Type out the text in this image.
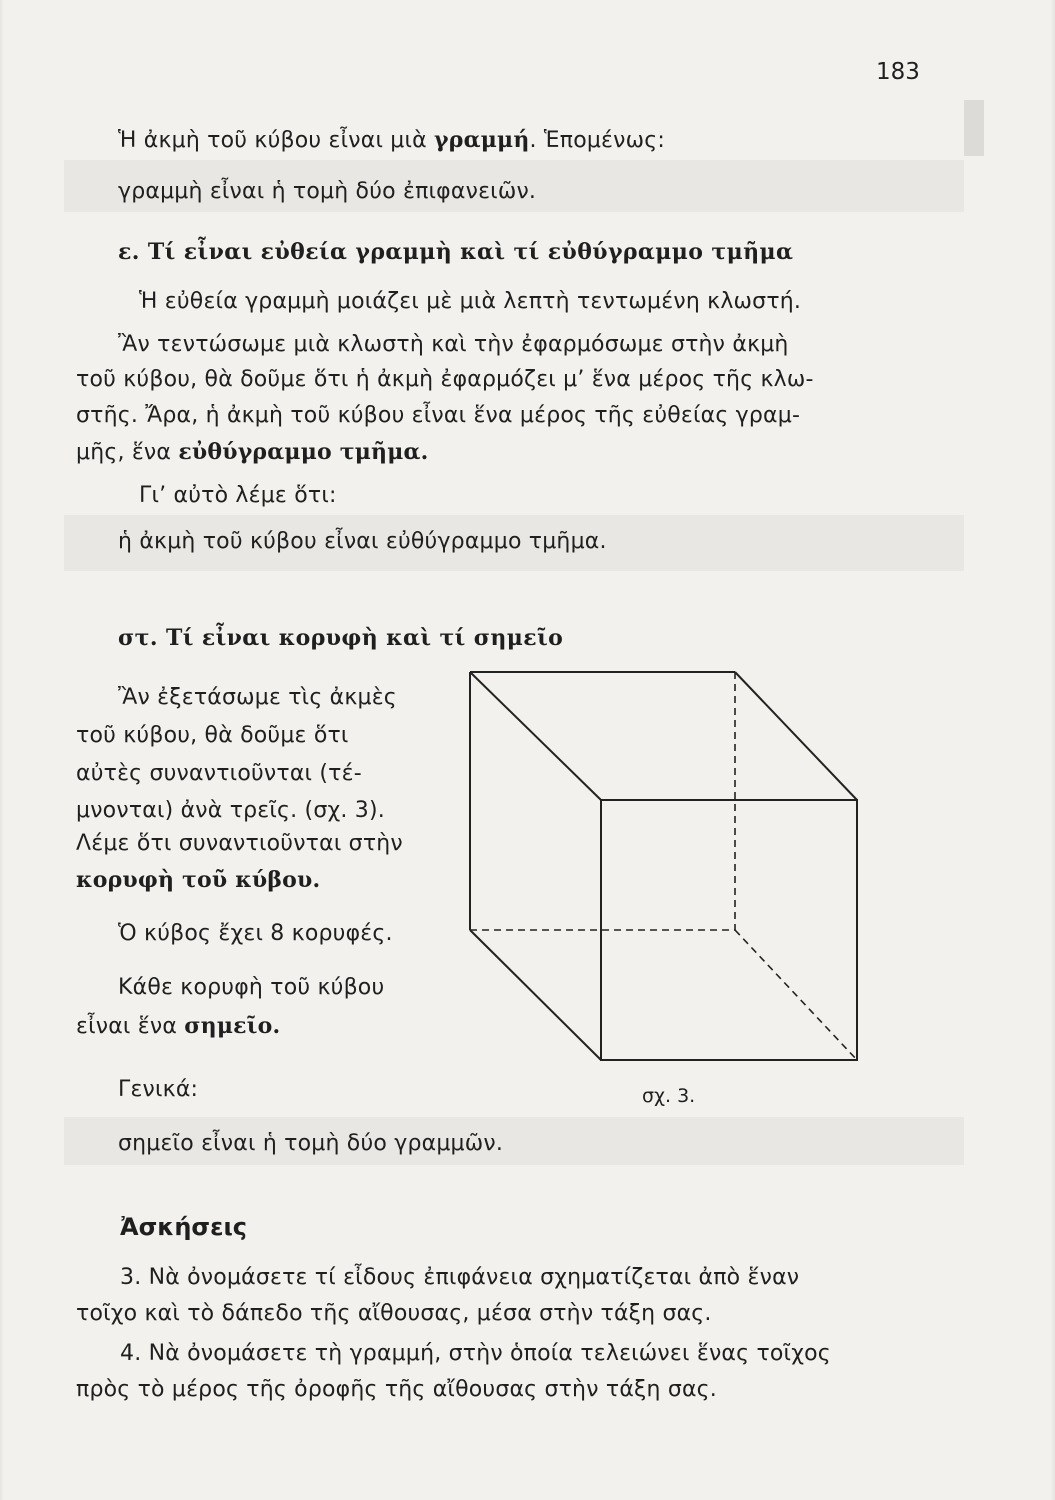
183
Ἡ ἀκμὴ τοῦ κύβου εἶναι μιὰ γραμμή. Ἑπομένως:
γραμμὴ εἶναι ἡ τομὴ δύο ἐπιφανειῶν.
ε. Τί εἶναι εὐθεία γραμμὴ καὶ τί εὐθύγραμμο τμῆμα
Ἡ εὐθεία γραμμὴ μοιάζει μὲ μιὰ λεπτὴ τεντωμένη κλωστή.
Ἂν τεντώσωμε μιὰ κλωστὴ καὶ τὴν ἐφαρμόσωμε στὴν ἀκμὴ
τοῦ κύβου, θὰ δοῦμε ὅτι ἡ ἀκμὴ ἐφαρμόζει μ’ ἕνα μέρος τῆς κλω-
στῆς. Ἄρα, ἡ ἀκμὴ τοῦ κύβου εἶναι ἕνα μέρος τῆς εὐθείας γραμ-
μῆς, ἕνα εὐθύγραμμο τμῆμα.
Γι’ αὐτὸ λέμε ὅτι:
ἡ ἀκμὴ τοῦ κύβου εἶναι εὐθύγραμμο τμῆμα.
στ. Τί εἶναι κορυφὴ καὶ τί σημεῖο
Ἂν ἐξετάσωμε τὶς ἀκμὲς
τοῦ κύβου, θὰ δοῦμε ὅτι
αὐτὲς συναντιοῦνται (τέ-
μνονται) ἀνὰ τρεῖς. (σχ. 3).
Λέμε ὅτι συναντιοῦνται στὴν
κορυφὴ τοῦ κύβου.
Ὁ κύβος ἔχει 8 κορυφές.
Κάθε κορυφὴ τοῦ κύβου
εἶναι ἕνα σημεῖο.
Γενικά:
σημεῖο εἶναι ἡ τομὴ δύο γραμμῶν.
σχ. 3.
Ἀσκήσεις
3. Νὰ ὀνομάσετε τί εἶδους ἐπιφάνεια σχηματίζεται ἀπὸ ἕναν
τοῖχο καὶ τὸ δάπεδο τῆς αἴθουσας, μέσα στὴν τάξη σας.
4. Νὰ ὀνομάσετε τὴ γραμμή, στὴν ὁποία τελειώνει ἕνας τοῖχος
πρὸς τὸ μέρος τῆς ὀροφῆς τῆς αἴθουσας στὴν τάξη σας.
